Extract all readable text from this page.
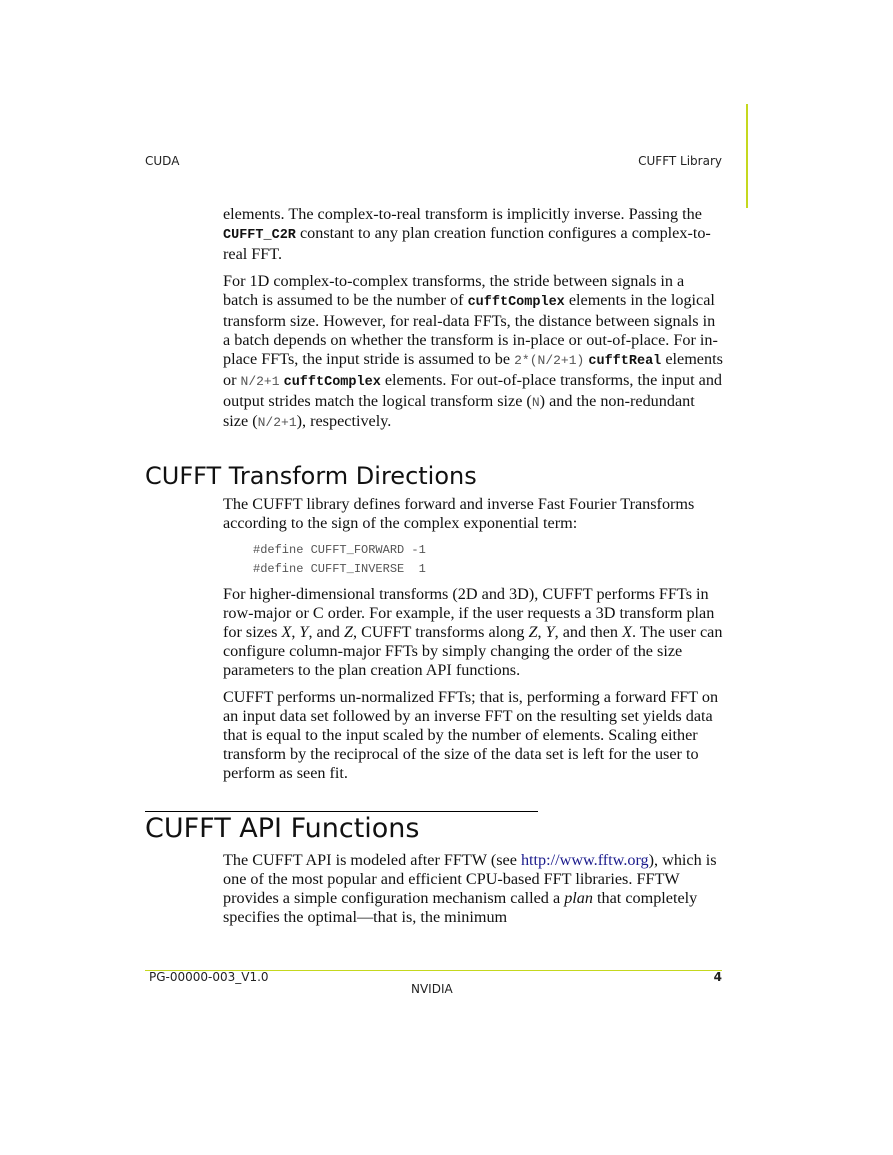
CUDA	CUFFT Library

elements. The complex-to-real transform is implicitly inverse. Passing the CUFFT_C2R constant to any plan creation function configures a complex-to-real FFT.

For 1D complex-to-complex transforms, the stride between signals in a batch is assumed to be the number of cufftComplex elements in the logical transform size. However, for real-data FFTs, the distance between signals in a batch depends on whether the transform is in-place or out-of-place. For in-place FFTs, the input stride is assumed to be 2*(N/2+1) cufftReal elements or N/2+1 cufftComplex elements. For out-of-place transforms, the input and output strides match the logical transform size (N) and the non-redundant size (N/2+1), respectively.

CUFFT Transform Directions

The CUFFT library defines forward and inverse Fast Fourier Transforms according to the sign of the complex exponential term:

#define CUFFT_FORWARD -1
#define CUFFT_INVERSE  1

For higher-dimensional transforms (2D and 3D), CUFFT performs FFTs in row-major or C order. For example, if the user requests a 3D transform plan for sizes X, Y, and Z, CUFFT transforms along Z, Y, and then X. The user can configure column-major FFTs by simply changing the order of the size parameters to the plan creation API functions.

CUFFT performs un-normalized FFTs; that is, performing a forward FFT on an input data set followed by an inverse FFT on the resulting set yields data that is equal to the input scaled by the number of elements. Scaling either transform by the reciprocal of the size of the data set is left for the user to perform as seen fit.

CUFFT API Functions

The CUFFT API is modeled after FFTW (see http://www.fftw.org), which is one of the most popular and efficient CPU-based FFT libraries. FFTW provides a simple configuration mechanism called a plan that completely specifies the optimal—that is, the minimum

PG-00000-003_V1.0	4
NVIDIA
